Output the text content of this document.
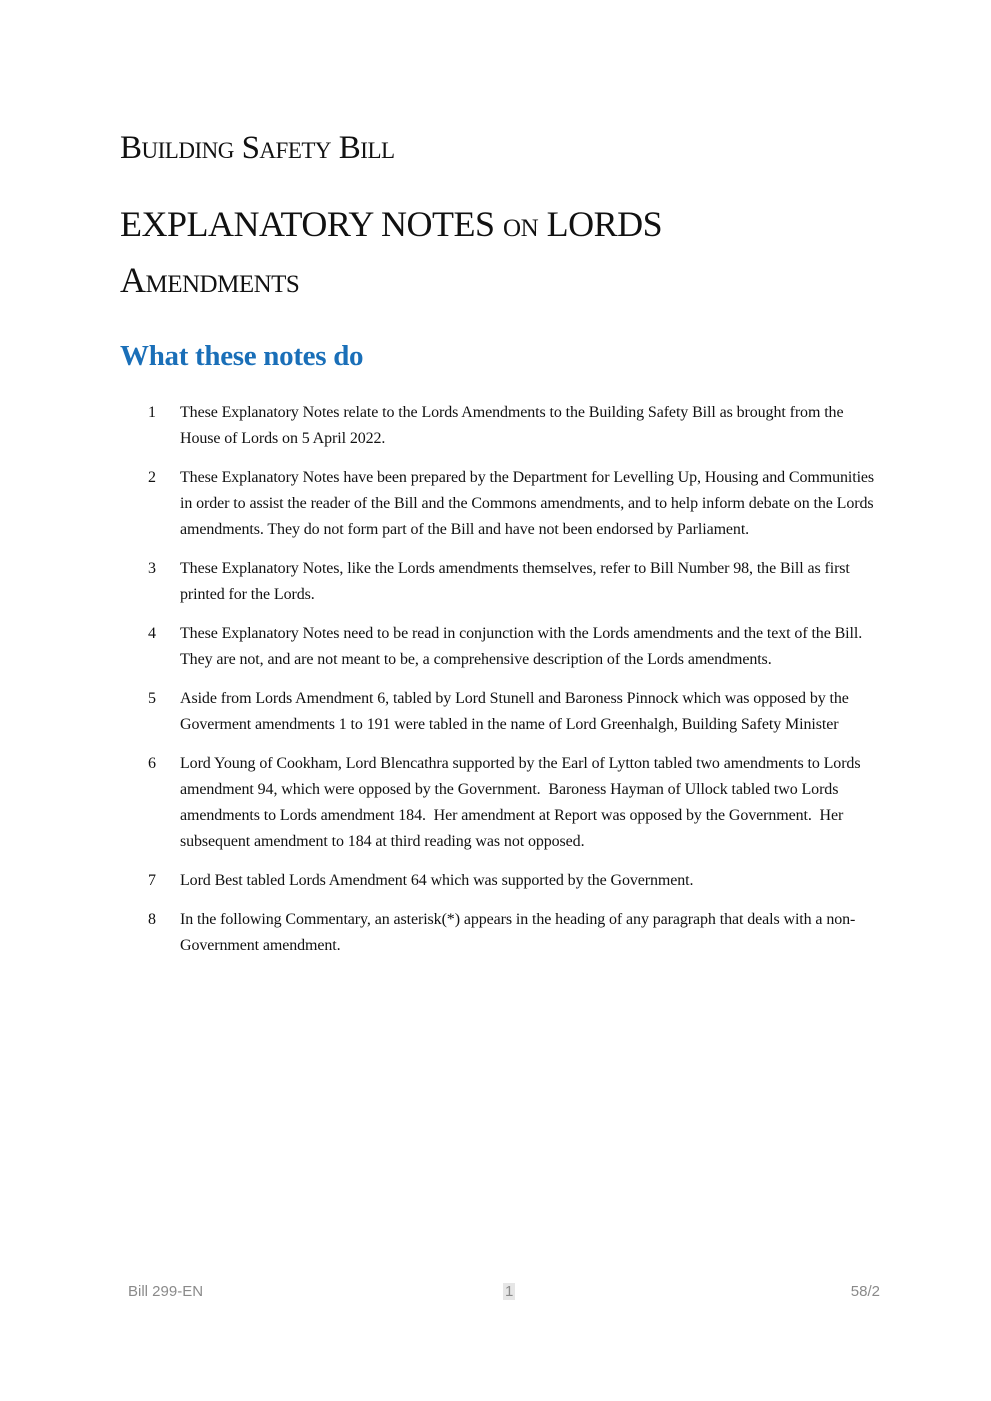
Building Safety Bill
EXPLANATORY NOTES on LORDS Amendments
What these notes do
1	These Explanatory Notes relate to the Lords Amendments to the Building Safety Bill as brought from the House of Lords on 5 April 2022.
2	These Explanatory Notes have been prepared by the Department for Levelling Up, Housing and Communities in order to assist the reader of the Bill and the Commons amendments, and to help inform debate on the Lords amendments. They do not form part of the Bill and have not been endorsed by Parliament.
3	These Explanatory Notes, like the Lords amendments themselves, refer to Bill Number 98, the Bill as first printed for the Lords.
4	These Explanatory Notes need to be read in conjunction with the Lords amendments and the text of the Bill. They are not, and are not meant to be, a comprehensive description of the Lords amendments.
5	Aside from Lords Amendment 6, tabled by Lord Stunell and Baroness Pinnock which was opposed by the Goverment amendments 1 to 191 were tabled in the name of Lord Greenhalgh, Building Safety Minister
6	Lord Young of Cookham, Lord Blencathra supported by the Earl of Lytton tabled two amendments to Lords amendment 94, which were opposed by the Government.  Baroness Hayman of Ullock tabled two Lords amendments to Lords amendment 184.  Her amendment at Report was opposed by the Government.  Her subsequent amendment to 184 at third reading was not opposed.
7	Lord Best tabled Lords Amendment 64 which was supported by the Government.
8	In the following Commentary, an asterisk(*) appears in the heading of any paragraph that deals with a non-Government amendment.
Bill 299-EN	1	58/2
